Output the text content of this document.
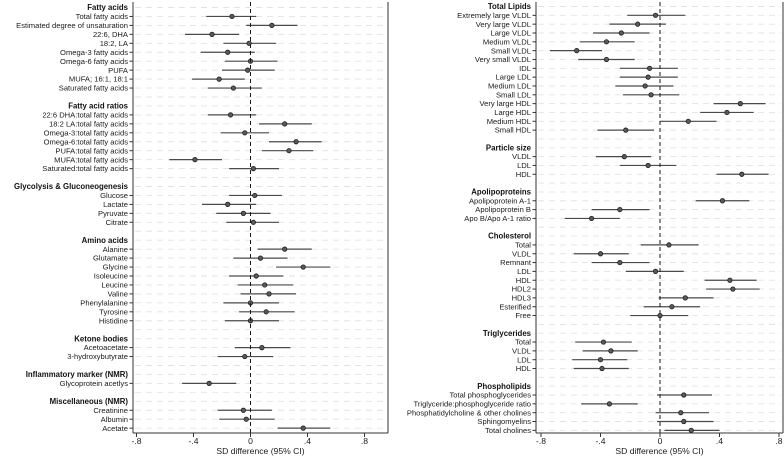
Fatty acids
Total fatty acids
Estimated degree of unsaturation
22:6, DHA
18:2, LA
Omega-3 fatty acids
Omega-6 fatty acids
PUFA
MUFA; 16:1, 18:1
Saturated fatty acids
Fatty acid ratios
22:6 DHA:total fatty acids
18:2 LA:total fatty acids
Omega-3:total fatty acids
Omega-6:total fatty acids
PUFA:total fatty acids
MUFA:total fatty acids
Saturated:total fatty acids
Glycolysis & Gluconeogenesis
Glucose
Lactate
Pyruvate
Citrate
Amino acids
Alanine
Glutamate
Glycine
Isoleucine
Leucine
Valine
Phenylalanine
Tyrosine
Histidine
Ketone bodies
Acetoacetate
3-hydroxybutyrate
Inflammatory marker (NMR)
Glycoprotein acetlys
Miscellaneous (NMR)
Creatinine
Albumin
Acetate
-.8	-.4	0	.4	.8
SD difference (95% CI)
Total Lipids
Extremely large VLDL
Very large VLDL
Large VLDL
Medium VLDL
Small VLDL
Very small VLDL
IDL
Large LDL
Medium LDL
Small LDL
Very large HDL
Large HDL
Medium HDL
Small HDL
Particle size
VLDL
LDL
HDL
Apolipoproteins
Apolipoprotein A-1
Apolipoprotein B
Apo B/Apo A-1 ratio
Cholesterol
Total
VLDL
Remnant
LDL
HDL
HDL2
HDL3
Esterified
Free
Triglycerides
Total
VLDL
LDL
HDL
Phospholipids
Total phosphoglycerides
Triglyceride:phosphoglyceride ratio
Phosphatidylcholine & other cholines
Sphingomyelins
Total cholines
-.8	-.4	0	.4	.8
SD difference (95% CI)
